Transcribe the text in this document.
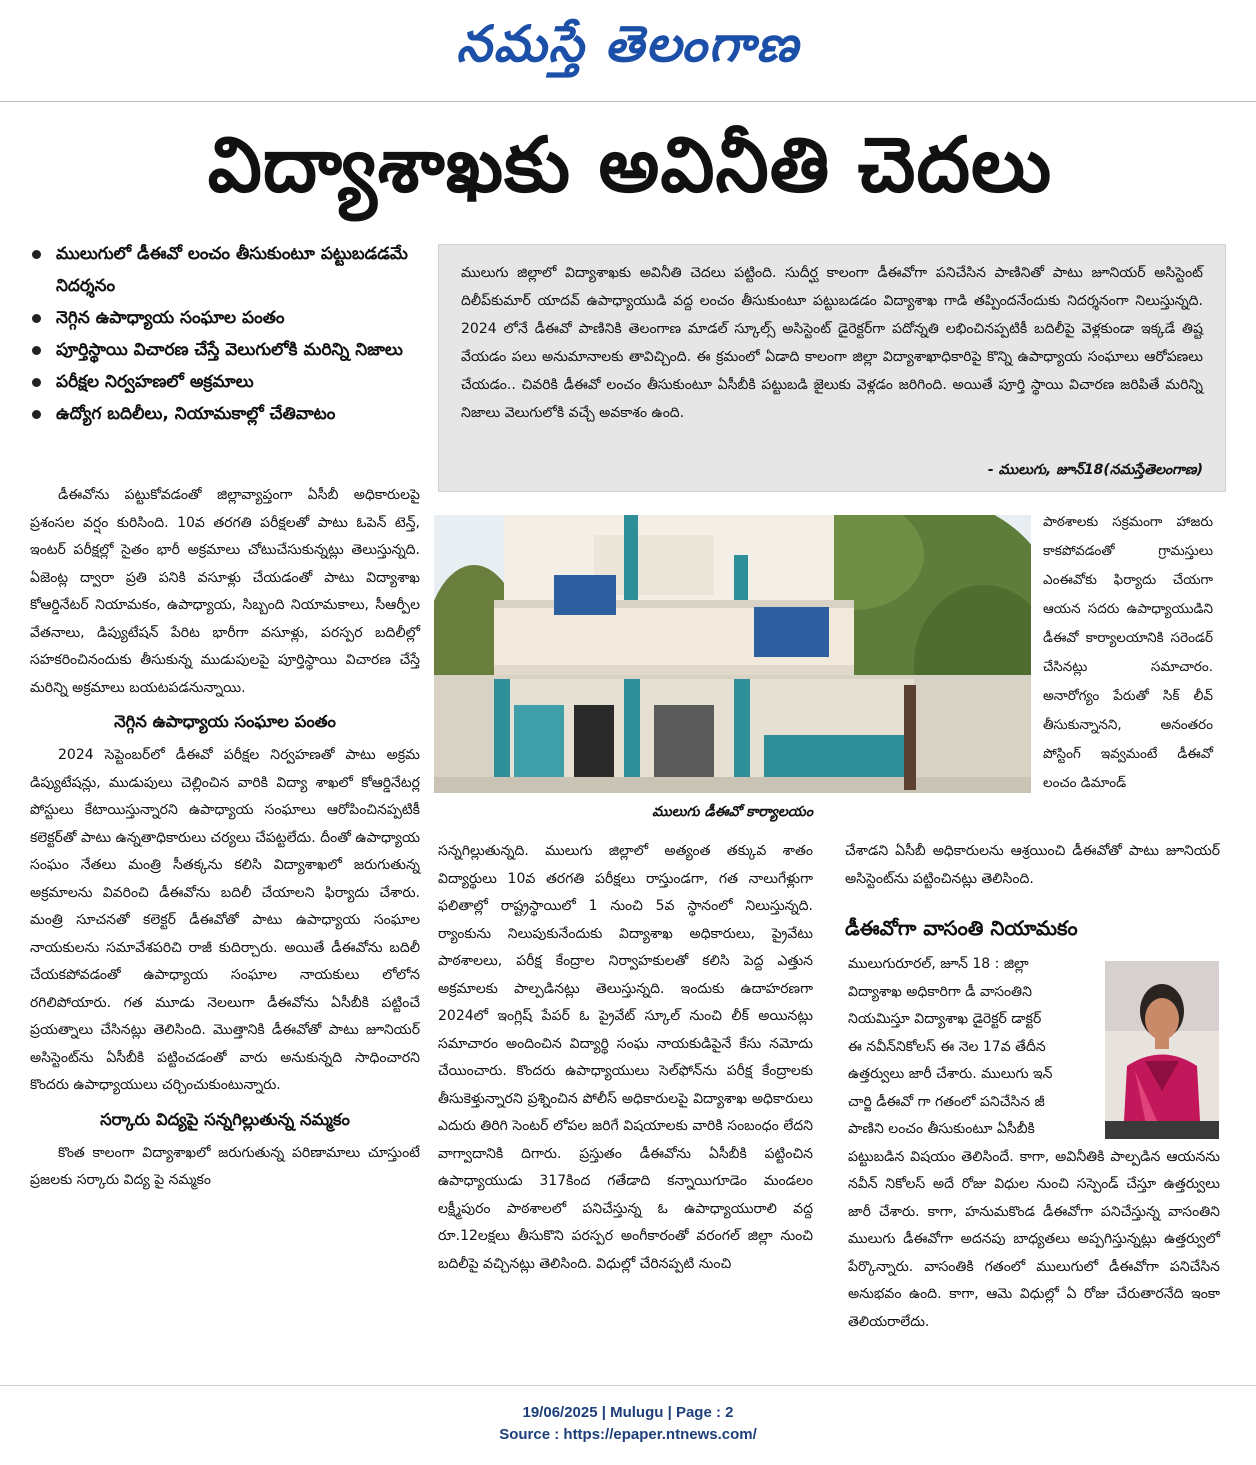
నమస్తే తెలంగాణ
విద్యాశాఖకు అవినీతి చెదలు
ములుగులో డీఈవో లంచం తీసుకుంటూ పట్టుబడడమే నిదర్శనం
నెగ్గిన ఉపాధ్యాయ సంఘాల పంతం
పూర్తిస్థాయి విచారణ చేస్తే వెలుగులోకి మరిన్ని నిజాలు
పరీక్షల నిర్వహణలో అక్రమాలు
ఉద్యోగ బదిలీలు, నియామకాల్లో చేతివాటం

ములుగు జిల్లాలో విద్యాశాఖకు అవినీతి చెదలు పట్టింది. సుదీర్ఘ కాలంగా డీఈవోగా పనిచేసిన పాణినితో పాటు జూనియర్ అసిస్టెంట్ దిలీప్‌కుమార్ యాదవ్ ఉపాధ్యాయుడి వద్ద లంచం తీసుకుంటూ పట్టుబడడం విద్యాశాఖ గాడి తప్పిందనేందుకు నిదర్శనంగా నిలుస్తున్నది. 2024 లోనే డీఈవో పాణినికి తెలంగాణ మాడల్ స్కూల్స్ అసిస్టెంట్ డైరెక్టర్‌గా పదోన్నతి లభించినప్పటికీ బదిలీపై వెళ్లకుండా ఇక్కడే తిష్ట వేయడం పలు అనుమానాలకు తావిచ్చింది. ఈ క్రమంలో ఏడాది కాలంగా జిల్లా విద్యాశాఖాధికారిపై కొన్ని ఉపాధ్యాయ సంఘాలు ఆరోపణలు చేయడం.. చివరికి డీఈవో లంచం తీసుకుంటూ ఏసీబీకి పట్టుబడి జైలుకు వెళ్లడం జరిగింది. అయితే పూర్తి స్థాయి విచారణ జరిపితే మరిన్ని నిజాలు వెలుగులోకి వచ్చే అవకాశం ఉంది.

- ములుగు, జూన్18(నమస్తేతెలంగాణ)

డీఈవోను పట్టుకోవడంతో జిల్లావ్యాప్తంగా ఏసీబీ అధికారులపై ప్రశంసల వర్షం కురిసింది. 10వ తరగతి పరీక్షలతో పాటు ఓపెన్ టెన్త్, ఇంటర్ పరీక్షల్లో సైతం భారీ అక్రమాలు చోటుచేసుకున్నట్లు తెలుస్తున్నది. ఏజెంట్ల ద్వారా ప్రతి పనికి వసూళ్లు చేయడంతో పాటు విద్యాశాఖ కోఆర్డినేటర్ నియామకం, ఉపాధ్యాయ, సిబ్బంది నియామకాలు, సీఆర్పీల వేతనాలు, డిప్యుటేషన్ పేరిట భారీగా వసూళ్లు, పరస్పర బదిలీల్లో సహకరించినందుకు తీసుకున్న ముడుపులపై పూర్తిస్థాయి విచారణ చేస్తే మరిన్ని అక్రమాలు బయటపడనున్నాయి.

నెగ్గిన ఉపాధ్యాయ సంఘాల పంతం

2024 సెప్టెంబర్‌లో డీఈవో పరీక్షల నిర్వహణతో పాటు అక్రమ డిప్యుటేషన్లు, ముడుపులు చెల్లించిన వారికి విద్యా శాఖలో కోఆర్డినేటర్ల పోస్టులు కేటాయిస్తున్నారని ఉపాధ్యాయ సంఘాలు ఆరోపించినప్పటికీ కలెక్టర్‌తో పాటు ఉన్నతాధికారులు చర్యలు చేపట్టలేదు. దీంతో ఉపాధ్యాయ సంఘం నేతలు మంత్రి సీతక్కను కలిసి విద్యాశాఖలో జరుగుతున్న అక్రమాలను వివరించి డీఈవోను బదిలీ చేయాలని ఫిర్యాదు చేశారు. మంత్రి సూచనతో కలెక్టర్ డీఈవోతో పాటు ఉపాధ్యాయ సంఘాల నాయకులను సమావేశపరిచి రాజీ కుదిర్చారు. అయితే డీఈవోను బదిలీ చేయకపోవడంతో ఉపాధ్యాయ సంఘాల నాయకులు లోలోన రగిలిపోయారు. గత మూడు నెలలుగా డీఈవోను ఏసీబీకి పట్టించే ప్రయత్నాలు చేసినట్లు తెలిసింది. మొత్తానికి డీఈవోతో పాటు జూనియర్ అసిస్టెంట్‌ను ఏసీబీకి పట్టించడంతో వారు అనుకున్నది సాధించారని కొందరు ఉపాధ్యాయులు చర్చించుకుంటున్నారు.

సర్కారు విద్యపై సన్నగిల్లుతున్న నమ్మకం

కొంత కాలంగా విద్యాశాఖలో జరుగుతున్న పరిణామాలు చూస్తుంటే ప్రజలకు సర్కారు విద్య పై నమ్మకం

ములుగు డీఈవో కార్యాలయం

పాఠశాలకు సక్రమంగా హాజరు కాకపోవడంతో గ్రామస్తులు ఎంఈవోకు ఫిర్యాదు చేయగా ఆయన సదరు ఉపాధ్యాయుడిని డీఈవో కార్యాలయానికి సరెండర్ చేసినట్లు సమాచారం. అనారోగ్యం పేరుతో సిక్ లీవ్ తీసుకున్నానని, అనంతరం పోస్టింగ్ ఇవ్వమంటే డీఈవో లంచం డిమాండ్

సన్నగిల్లుతున్నది. ములుగు జిల్లాలో అత్యంత తక్కువ శాతం విద్యార్థులు 10వ తరగతి పరీక్షలు రాస్తుండగా, గత నాలుగేళ్లుగా ఫలితాల్లో రాష్ట్రస్థాయిలో 1 నుంచి 5వ స్థానంలో నిలుస్తున్నది. ర్యాంకును నిలుపుకునేందుకు విద్యాశాఖ అధికారులు, ప్రైవేటు పాఠశాలలు, పరీక్ష కేంద్రాల నిర్వాహకులతో కలిసి పెద్ద ఎత్తున అక్రమాలకు పాల్పడినట్లు తెలుస్తున్నది. ఇందుకు ఉదాహరణగా 2024లో ఇంగ్లిష్ పేపర్ ఓ ప్రైవేట్ స్కూల్ నుంచి లీక్ అయినట్లు సమాచారం అందించిన విద్యార్థి సంఘ నాయకుడిపైనే కేసు నమోదు చేయించారు. కొందరు ఉపాధ్యాయులు సెల్‌ఫోన్‌ను పరీక్ష కేంద్రాలకు తీసుకెళ్తున్నారని ప్రశ్నించిన పోలీస్ అధికారులపై విద్యాశాఖ అధికారులు ఎదురు తిరిగి సెంటర్ లోపల జరిగే విషయాలకు వారికి సంబంధం లేదని వాగ్వాదానికి దిగారు. ప్రస్తుతం డీఈవోను ఏసీబీకి పట్టించిన ఉపాధ్యాయుడు 317కింద గతేడాది కన్నాయిగూడెం మండలం లక్ష్మీపురం పాఠశాలలో పనిచేస్తున్న ఓ ఉపాధ్యాయురాలి వద్ద రూ.12లక్షలు తీసుకొని పరస్పర అంగీకారంతో వరంగల్ జిల్లా నుంచి బదిలీపై వచ్చినట్లు తెలిసింది. విధుల్లో చేరినప్పటి నుంచి

చేశాడని ఏసీబీ అధికారులను ఆశ్రయించి డీఈవోతో పాటు జూనియర్ అసిస్టెంట్‌ను పట్టించినట్లు తెలిసింది.

డీఈవోగా వాసంతి నియామకం

ములుగురూరల్, జూన్ 18 : జిల్లా
విద్యాశాఖ అధికారిగా డీ వాసంతిని
నియమిస్తూ విద్యాశాఖ డైరెక్టర్ డాక్టర్
ఈ నవీన్‌నికోలస్ ఈ నెల 17వ తేదీన
ఉత్తర్వులు జారీ చేశారు. ములుగు ఇన్
చార్జి డీఈవో గా గతంలో పనిచేసిన జీ
పాణిని లంచం తీసుకుంటూ ఏసీబీకి
పట్టుబడిన విషయం తెలిసిందే. కాగా, అవినీతికి పాల్పడిన ఆయనను నవీన్ నికోలస్ అదే రోజు విధుల నుంచి సస్పెండ్ చేస్తూ ఉత్తర్వులు జారీ చేశారు. కాగా, హనుమకొండ డీఈవోగా పనిచేస్తున్న వాసంతిని ములుగు డీఈవోగా అదనపు బాధ్యతలు అప్పగిస్తున్నట్లు ఉత్తర్వులో పేర్కొన్నారు. వాసంతికి గతంలో ములుగులో డీఈవోగా పనిచేసిన అనుభవం ఉంది. కాగా, ఆమె విధుల్లో ఏ రోజు చేరుతారనేది ఇంకా తెలియరాలేదు.

19/06/2025 | Mulugu | Page : 2
Source : https://epaper.ntnews.com/
